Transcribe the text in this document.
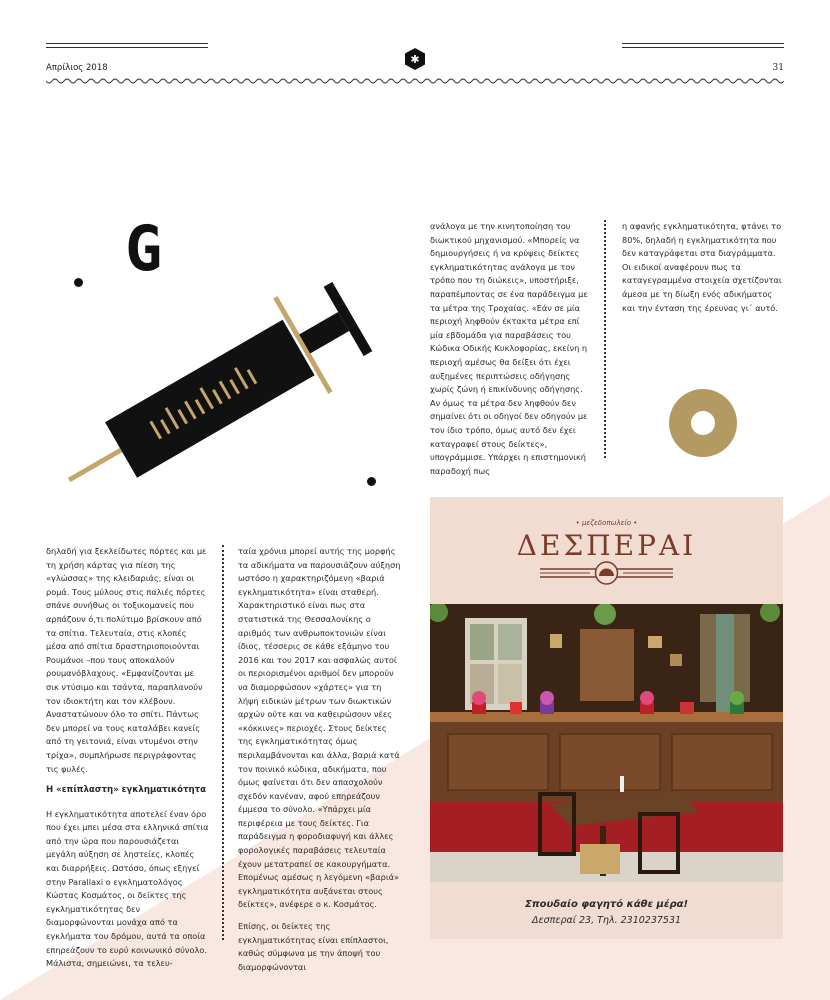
✱
Απρίλιος 2018	31
G	ανάλογα με την κινητοποίηση του διωκτικού μηχανισμού. «Μπορείς να δημιουργήσεις ή να κρύψεις δείκτες εγκληματικότητας ανάλογα με τον τρόπο που τη διώκεις», υποστήριξε, παραπέμποντας σε ένα παράδειγμα με τα μέτρα της Τροχαίας. «Εάν σε μία περιοχή ληφθούν έκτακτα μέτρα επί μία εβδομάδα για παραβάσεις του Κώδικα Οδικής Κυκλοφορίας, εκείνη η περιοχή αμέσως θα δείξει ότι έχει αυξημένες περιπτώσεις οδήγησης χωρίς ζώνη ή επικίνδυνης οδήγησης. Αν όμως τα μέτρα δεν ληφθούν δεν σημαίνει ότι οι οδηγοί δεν οδηγούν με τον ίδιο τρόπο, όμως αυτό δεν έχει καταγραφεί στους δείκτες», υπογράμμισε. Υπάρχει η επιστημονική παραδοχή πως
η αφανής εγκληματικότητα, φτάνει το 80%, δηλαδή η εγκληματικότητα που δεν καταγράφεται στα διαγράμματα. Οι ειδικοί αναφέρουν πως τα καταγεγραμμένα στοιχεία σχετίζονται άμεσα με τη δίωξη ενός αδικήματος και την ένταση της έρευνας γι΄ αυτό.

δηλαδή για ξεκλείδωτες πόρτες και με τη χρήση κάρτας για πίεση της «γλώσσας» της κλειδαριάς, είναι οι ρομά. Τους μύλους στις παλιές πόρτες σπάνε συνήθως οι τοξικομανείς που αρπάζουν ό,τι πολύτιμο βρίσκουν από τα σπίτια. Τελευταία, στις κλοπές μέσα από σπίτια δραστηριοποιούνται Ρουμάνοι –που τους αποκαλούν ρουμανόβλαχους. «Εμφανίζονται με σικ ντύσιμο και τσάντα, παραπλανούν τον ιδιοκτήτη και τον κλέβουν. Αναστατώνουν όλο το σπίτι. Πάντως δεν μπορεί να τους καταλάβει κανείς από τη γειτονιά, είναι ντυμένοι στην τρίχα», συμπλήρωσε περιγράφοντας τις φυλές.

Η «επίπλαστη» εγκληματικότητα

Η εγκληματικότητα αποτελεί έναν όρο που έχει μπει μέσα στα ελληνικά σπίτια από την ώρα που παρουσιάζεται μεγάλη αύξηση σε ληστείες, κλοπές και διαρρήξεις. Ωστόσο, όπως εξηγεί στην Parallaxi ο εγκληματολόγος Κώστας Κοσμάτος, οι δείκτες της εγκληματικότητας δεν διαμορφώνονται μονάχα από τα εγκλήματα του δρόμου, αυτά τα οποία επηρεάζουν το ευρύ κοινωνικό σύνολο. Μάλιστα, σημειώνει, τα τελευ-

ταία χρόνια μπορεί αυτής της μορφής τα αδικήματα να παρουσιάζουν αύξηση ωστόσο η χαρακτηριζόμενη «βαριά εγκληματικότητα» είναι σταθερή. Χαρακτηριστικό είναι πως στα στατιστικά της Θεσσαλονίκης ο αριθμός των ανθρωποκτονιών είναι ίδιος, τέσσερις σε κάθε εξάμηνο του 2016 και του 2017 και ασφαλώς αυτοί οι περιορισμένοι αριθμοί δεν μπορούν να διαμορφώσουν «χάρτες» για τη λήψη ειδικών μέτρων των διωκτικών αρχών ούτε και να καθειρώσουν νέες «κόκκινες» περιοχές. Στους δείκτες της εγκληματικότητας όμως περιλαμβάνονται και άλλα, βαριά κατά τον ποινικό κώδικα, αδικήματα, που όμως φαίνεται ότι δεν απασχολούν σχεδόν κανέναν, αφού επηρεάζουν έμμεσα το σύνολο. «Υπάρχει μία περιφέρεια με τους δείκτες. Για παράδειγμα η φοροδιαφυγή και άλλες φορολογικές παραβάσεις τελευταία έχουν μετατραπεί σε κακουργήματα. Επομένως αμέσως η λεγόμενη «βαριά» εγκληματικότητα αυξάνεται στους δείκτες», ανέφερε ο κ. Κοσμάτος.

Επίσης, οι δείκτες της εγκληματικότητας είναι επίπλαστοι, καθώς σύμφωνα με την άποψή του διαμορφώνονται

• μεζεδοπωλείο •
ΔΕΣΠΕΡΑΙ
Σπουδαίο φαγητό κάθε μέρα!
Δεσπεραί 23, Τηλ. 2310237531
